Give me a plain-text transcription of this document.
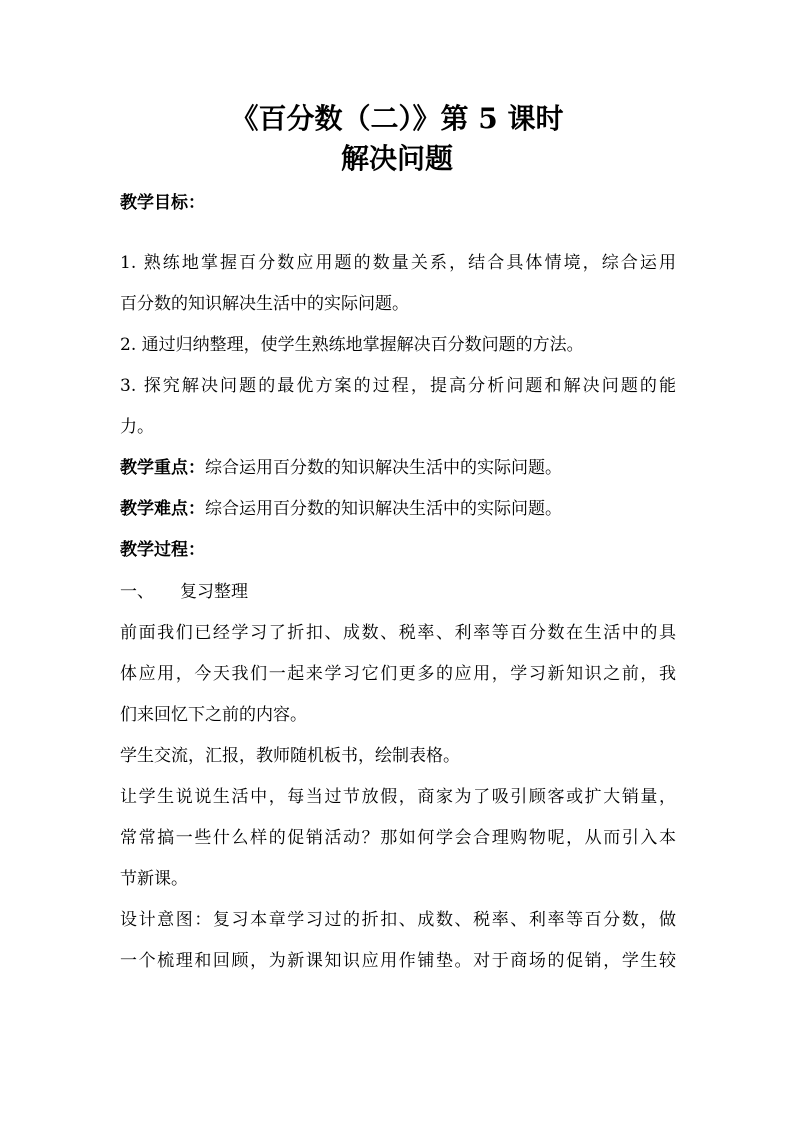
《百分数（二）》第 5 课时
解决问题
教学目标：
1. 熟练地掌握百分数应用题的数量关系，结合具体情境，综合运用
百分数的知识解决生活中的实际问题。
2. 通过归纳整理，使学生熟练地掌握解决百分数问题的方法。
3. 探究解决问题的最优方案的过程，提高分析问题和解决问题的能
力。
教学重点：综合运用百分数的知识解决生活中的实际问题。
教学难点：综合运用百分数的知识解决生活中的实际问题。
教学过程：
一、 复习整理
前面我们已经学习了折扣、成数、税率、利率等百分数在生活中的具
体应用，今天我们一起来学习它们更多的应用，学习新知识之前，我
们来回忆下之前的内容。
学生交流，汇报，教师随机板书，绘制表格。
让学生说说生活中，每当过节放假，商家为了吸引顾客或扩大销量，
常常搞一些什么样的促销活动？那如何学会合理购物呢，从而引入本
节新课。
设计意图：复习本章学习过的折扣、成数、税率、利率等百分数，做
一个梳理和回顾，为新课知识应用作铺垫。对于商场的促销，学生较
